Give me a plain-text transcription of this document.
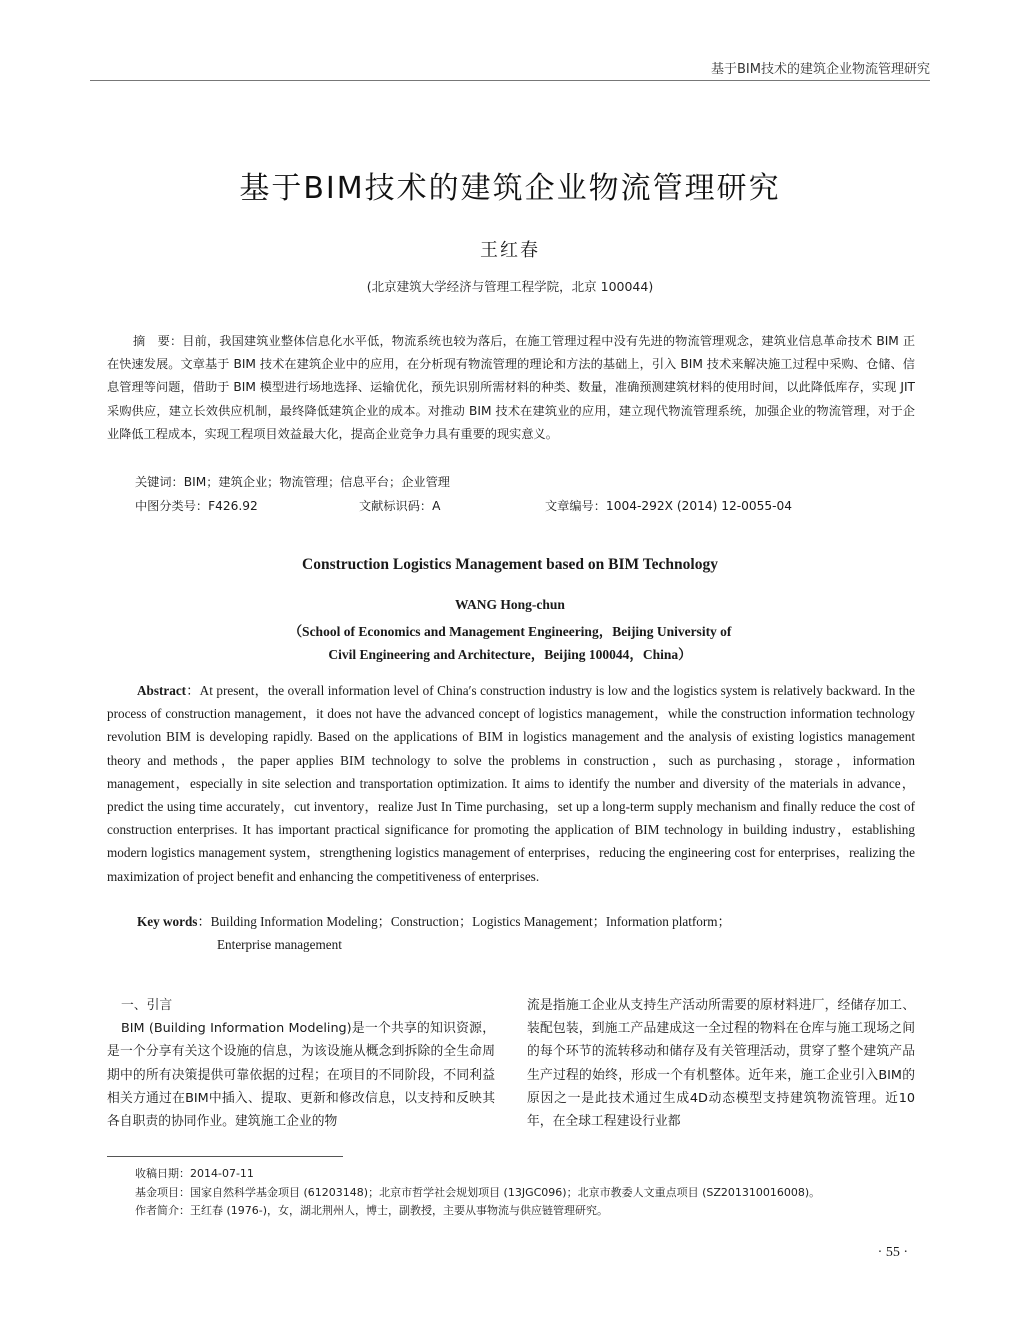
基于BIM技术的建筑企业物流管理研究
基于BIM技术的建筑企业物流管理研究
王红春
(北京建筑大学经济与管理工程学院，北京 100044)
摘　要：目前，我国建筑业整体信息化水平低，物流系统也较为落后，在施工管理过程中没有先进的物流管理观念，建筑业信息革命技术 BIM 正在快速发展。文章基于 BIM 技术在建筑企业中的应用，在分析现有物流管理的理论和方法的基础上，引入 BIM 技术来解决施工过程中采购、仓储、信息管理等问题，借助于 BIM 模型进行场地选择、运输优化，预先识别所需材料的种类、数量，准确预测建筑材料的使用时间，以此降低库存，实现 JIT 采购供应，建立长效供应机制，最终降低建筑企业的成本。对推动 BIM 技术在建筑业的应用，建立现代物流管理系统，加强企业的物流管理，对于企业降低工程成本，实现工程项目效益最大化，提高企业竞争力具有重要的现实意义。
关键词：BIM；建筑企业；物流管理；信息平台；企业管理
中图分类号：F426.92	文献标识码：A	文章编号：1004-292X (2014) 12-0055-04
Construction Logistics Management based on BIM Technology
WANG Hong-chun
（School of Economics and Management Engineering，Beijing University of
Civil Engineering and Architecture，Beijing 100044，China）
Abstract：At present，the overall information level of China′s construction industry is low and the logistics system is relatively backward. In the process of construction management，it does not have the advanced concept of logistics management，while the construction information technology revolution BIM is developing rapidly. Based on the applications of BIM in logistics management and the analysis of existing logistics management theory and methods，the paper applies BIM technology to solve the problems in construction，such as purchasing，storage，information management，especially in site selection and transportation optimization. It aims to identify the number and diversity of the materials in advance，predict the using time accurately，cut inventory，realize Just In Time purchasing，set up a long-term supply mechanism and finally reduce the cost of construction enterprises. It has important practical significance for promoting the application of BIM technology in building industry，establishing modern logistics management system，strengthening logistics management of enterprises，reducing the engineering cost for enterprises，realizing the maximization of project benefit and enhancing the competitiveness of enterprises.
Key words：Building Information Modeling；Construction；Logistics Management；Information platform；
Enterprise management
一、引言

BIM (Building Information Modeling)是一个共享的知识资源，是一个分享有关这个设施的信息，为该设施从概念到拆除的全生命周期中的所有决策提供可靠依据的过程；在项目的不同阶段，不同利益相关方通过在BIM中插入、提取、更新和修改信息，以支持和反映其各自职责的协同作业。建筑施工企业的物

流是指施工企业从支持生产活动所需要的原材料进厂，经储存加工、装配包装，到施工产品建成这一全过程的物料在仓库与施工现场之间的每个环节的流转移动和储存及有关管理活动，贯穿了整个建筑产品生产过程的始终，形成一个有机整体。近年来，施工企业引入BIM的原因之一是此技术通过生成4D动态模型支持建筑物流管理。近10年，在全球工程建设行业都

收稿日期：2014-07-11
基金项目：国家自然科学基金项目 (61203148)；北京市哲学社会规划项目 (13JGC096)；北京市教委人文重点项目 (SZ201310016008)。
作者简介：王红春 (1976-)，女，湖北荆州人，博士，副教授，主要从事物流与供应链管理研究。
· 55 ·
